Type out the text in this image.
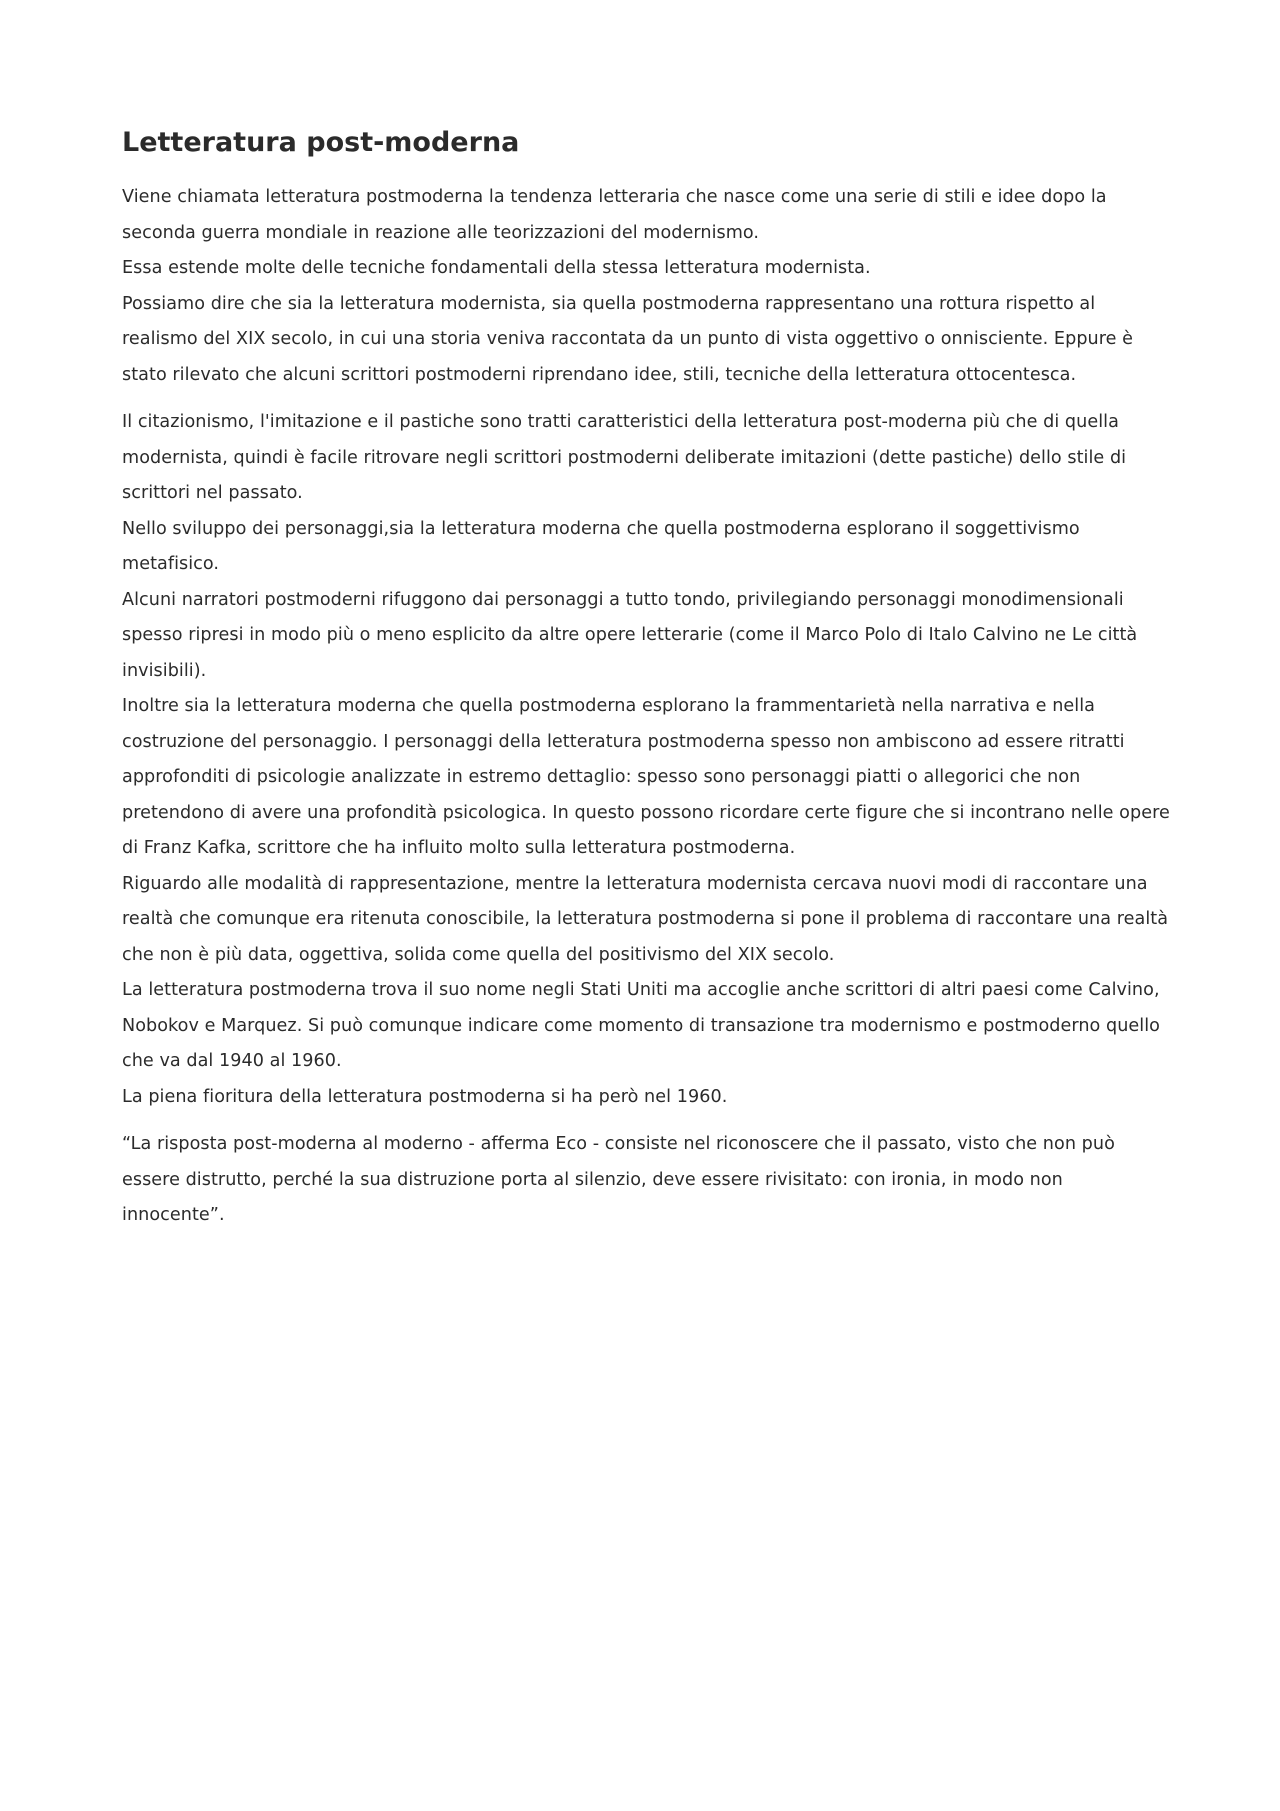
Letteratura post-moderna

Viene chiamata letteratura postmoderna la tendenza letteraria che nasce come una serie di stili e idee dopo la seconda guerra mondiale in reazione alle teorizzazioni del modernismo.

Essa estende molte delle tecniche fondamentali della stessa letteratura modernista.

Possiamo dire che sia la letteratura modernista, sia quella postmoderna rappresentano una rottura rispetto al realismo del XIX secolo, in cui una storia veniva raccontata da un punto di vista oggettivo o onnisciente. Eppure è stato rilevato che alcuni scrittori postmoderni riprendano idee, stili, tecniche della letteratura ottocentesca.

Il citazionismo, l'imitazione e il pastiche sono tratti caratteristici della letteratura post-moderna più che di quella modernista, quindi è facile ritrovare negli scrittori postmoderni deliberate imitazioni (dette pastiche) dello stile di scrittori nel passato.

Nello sviluppo dei personaggi,sia la letteratura moderna che quella postmoderna esplorano il soggettivismo metafisico.

Alcuni narratori postmoderni rifuggono dai personaggi a tutto tondo, privilegiando personaggi monodimensionali spesso ripresi in modo più o meno esplicito da altre opere letterarie (come il Marco Polo di Italo Calvino ne Le città invisibili).

Inoltre sia la letteratura moderna che quella postmoderna esplorano la frammentarietà nella narrativa e nella costruzione del personaggio. I personaggi della letteratura postmoderna spesso non ambiscono ad essere ritratti approfonditi di psicologie analizzate in estremo dettaglio: spesso sono personaggi piatti o allegorici che non pretendono di avere una profondità psicologica. In questo possono ricordare certe figure che si incontrano nelle opere di Franz Kafka, scrittore che ha influito molto sulla letteratura postmoderna.

Riguardo alle modalità di rappresentazione, mentre la letteratura modernista cercava nuovi modi di raccontare una realtà che comunque era ritenuta conoscibile, la letteratura postmoderna si pone il problema di raccontare una realtà che non è più data, oggettiva, solida come quella del positivismo del XIX secolo.

La letteratura postmoderna trova il suo nome negli Stati Uniti ma accoglie anche scrittori di altri paesi come Calvino, Nobokov e Marquez. Si può comunque indicare come momento di transazione tra modernismo e postmoderno quello che va dal 1940 al 1960.

La piena fioritura della letteratura postmoderna si ha però nel 1960.

“La risposta post-moderna al moderno - afferma Eco - consiste nel riconoscere che il passato, visto che non può essere distrutto, perché la sua distruzione porta al silenzio, deve essere rivisitato: con ironia, in modo non innocente”.
